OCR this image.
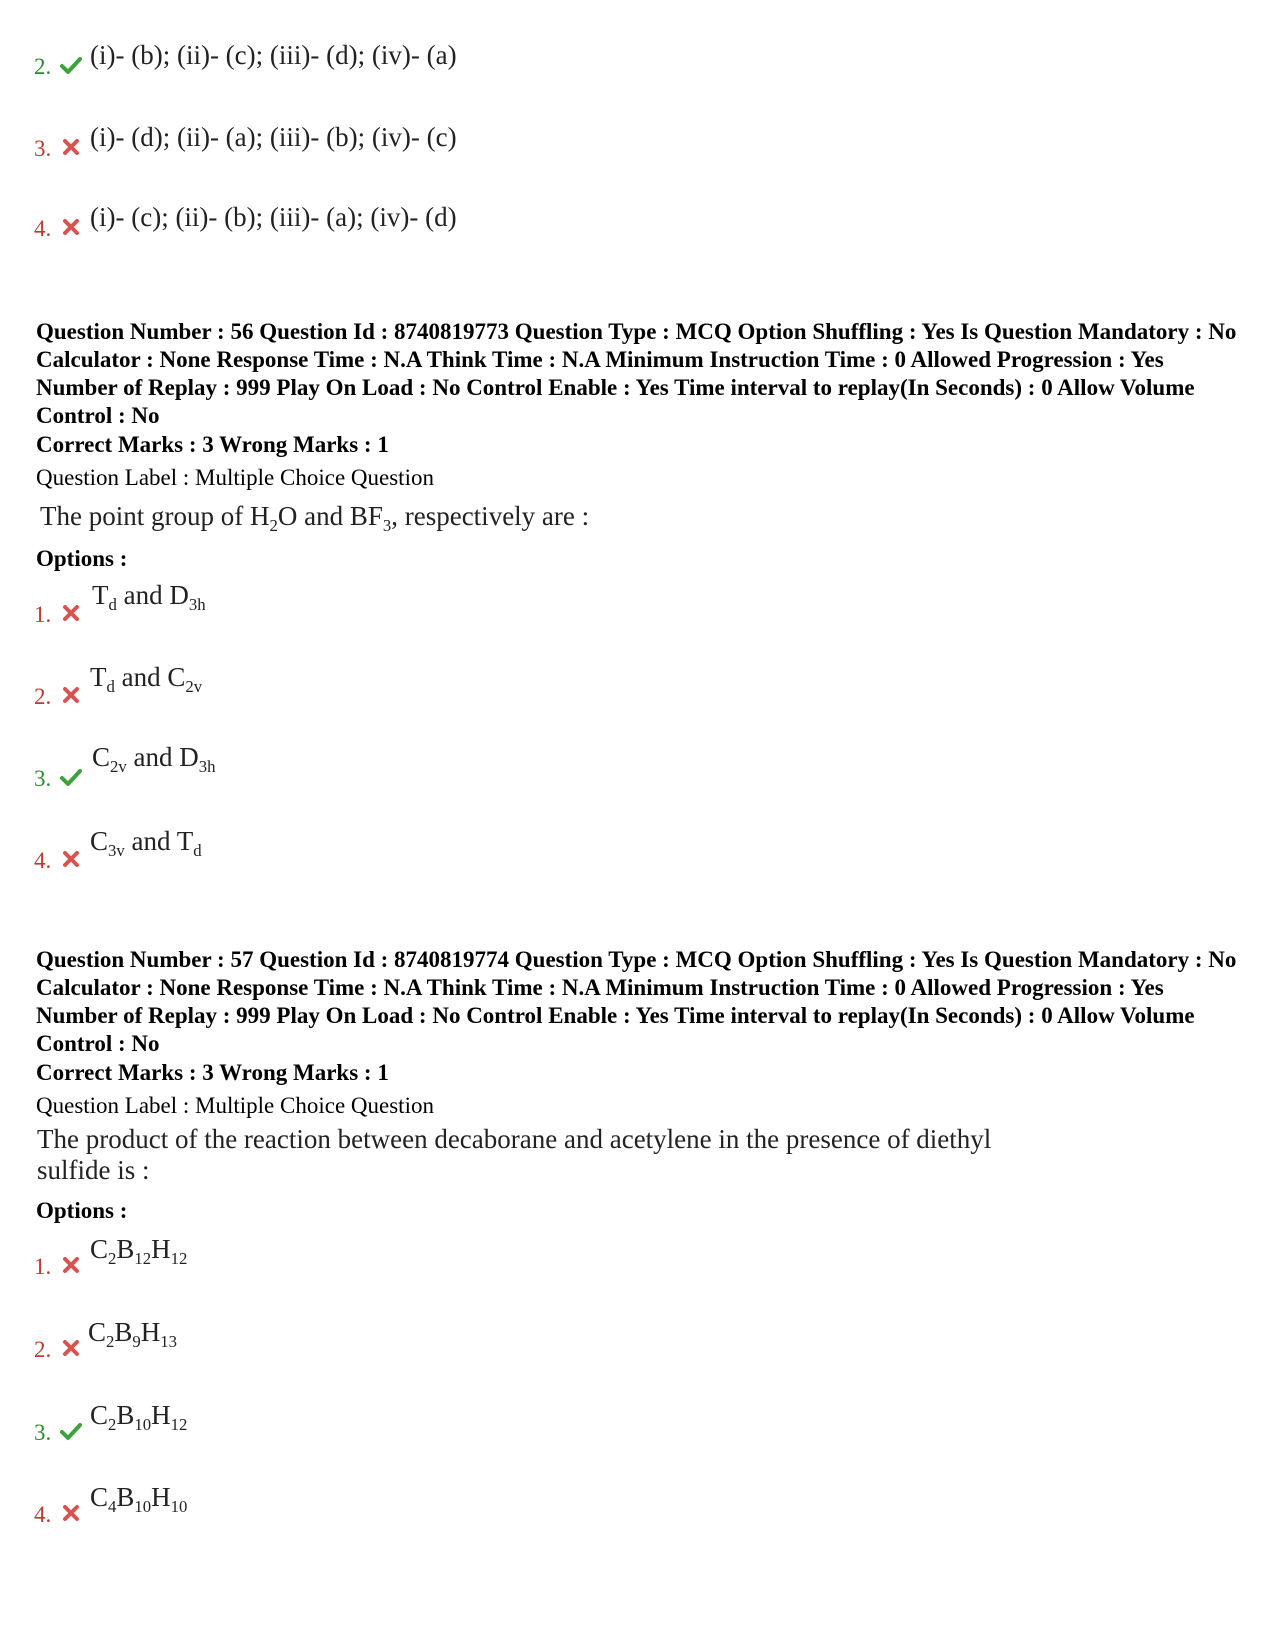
2. (i)- (b); (ii)- (c); (iii)- (d); (iv)- (a)
3. (i)- (d); (ii)- (a); (iii)- (b); (iv)- (c)
4. (i)- (c); (ii)- (b); (iii)- (a); (iv)- (d)
Question Number : 56 Question Id : 8740819773 Question Type : MCQ Option Shuffling : Yes Is Question Mandatory : No Calculator : None Response Time : N.A Think Time : N.A Minimum Instruction Time : 0 Allowed Progression : Yes Number of Replay : 999 Play On Load : No Control Enable : Yes Time interval to replay(In Seconds) : 0 Allow Volume Control : No
Correct Marks : 3 Wrong Marks : 1
Question Label : Multiple Choice Question
The point group of $H_2O$ and $BF_3$, respectively are :
Options :
1.
$T_d$ and $D_{3h}$
2.
$T_d$ and $C_{2v}$
3.
$C_{2v}$ and $D_{3h}$
4.
$C_{3v}$ and $T_d$
Question Number : 57 Question Id : 8740819774 Question Type : MCQ Option Shuffling : Yes Is Question Mandatory : No Calculator : None Response Time : N.A Think Time : N.A Minimum Instruction Time : 0 Allowed Progression : Yes Number of Replay : 999 Play On Load : No Control Enable : Yes Time interval to replay(In Seconds) : 0 Allow Volume Control : No
Correct Marks : 3 Wrong Marks : 1
Question Label : Multiple Choice Question
The product of the reaction between decaborane and acetylene in the presence of diethyl
sulfide is :
Options :
1.
$C_2B_{12}H_{12}$
2.
$C_2B_9H_{13}$
3.
$C_2B_{10}H_{12}$
4.
$C_4B_{10}H_{10}$
